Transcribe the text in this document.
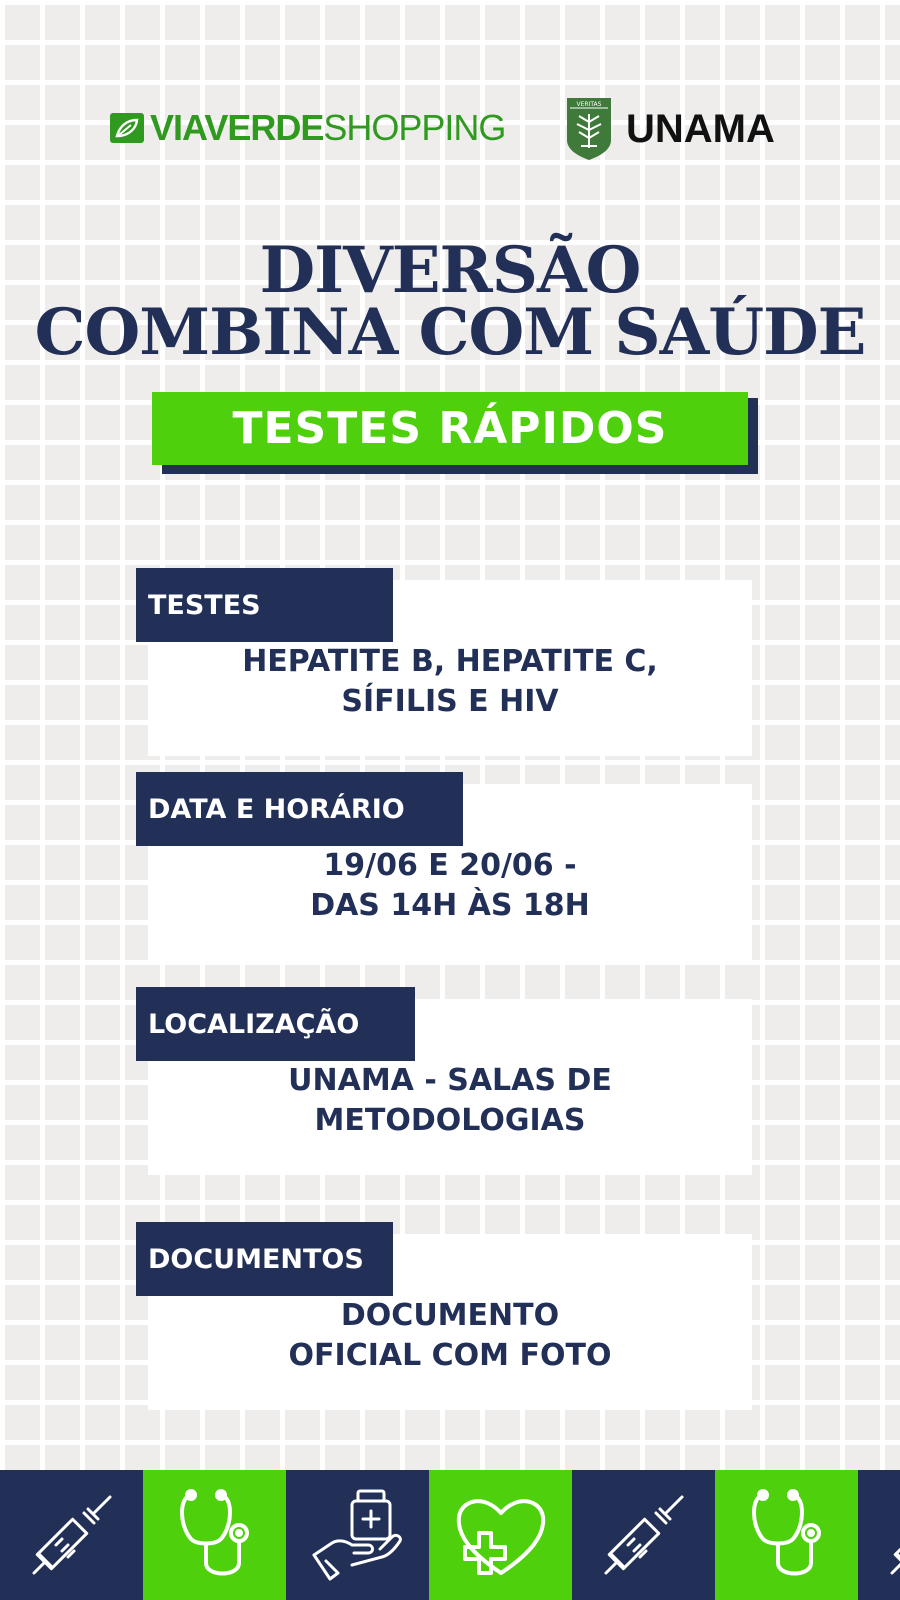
VIAVERDE SHOPPING
VERITAS
UNAMA
DIVERSÃO
COMBINA COM SAÚDE
TESTES RÁPIDOS
HEPATITE B, HEPATITE C,
SÍFILIS E HIV
TESTES
19/06 E 20/06 -
DAS 14H ÀS 18H
DATA E HORÁRIO
UNAMA - SALAS DE
METODOLOGIAS
LOCALIZAÇÃO
DOCUMENTO
OFICIAL COM FOTO
DOCUMENTOS
